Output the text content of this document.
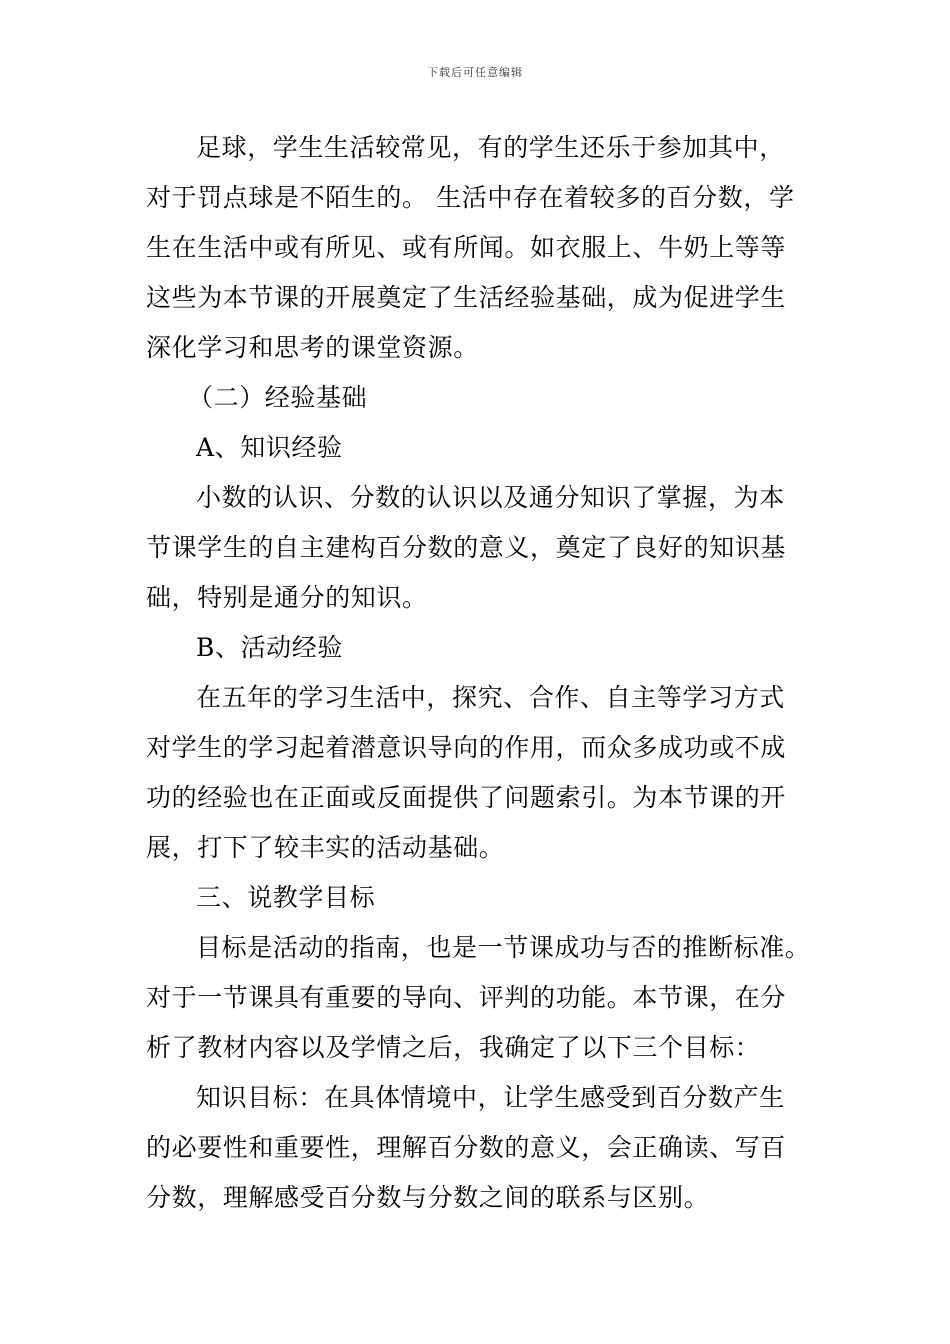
下载后可任意编辑
足球，学生生活较常见，有的学生还乐于参加其中，
对于罚点球是不陌生的。 生活中存在着较多的百分数，学
生在生活中或有所见、或有所闻。如衣服上、牛奶上等等
这些为本节课的开展奠定了生活经验基础，成为促进学生
深化学习和思考的课堂资源。
（二）经验基础
A、知识经验
小数的认识、分数的认识以及通分知识了掌握，为本
节课学生的自主建构百分数的意义，奠定了良好的知识基
础，特别是通分的知识。
B、活动经验
在五年的学习生活中，探究、合作、自主等学习方式
对学生的学习起着潜意识导向的作用，而众多成功或不成
功的经验也在正面或反面提供了问题索引。为本节课的开
展，打下了较丰实的活动基础。
三、说教学目标
目标是活动的指南，也是一节课成功与否的推断标准。
对于一节课具有重要的导向、评判的功能。本节课，在分
析了教材内容以及学情之后，我确定了以下三个目标：
知识目标：在具体情境中，让学生感受到百分数产生
的必要性和重要性，理解百分数的意义，会正确读、写百
分数，理解感受百分数与分数之间的联系与区别。
